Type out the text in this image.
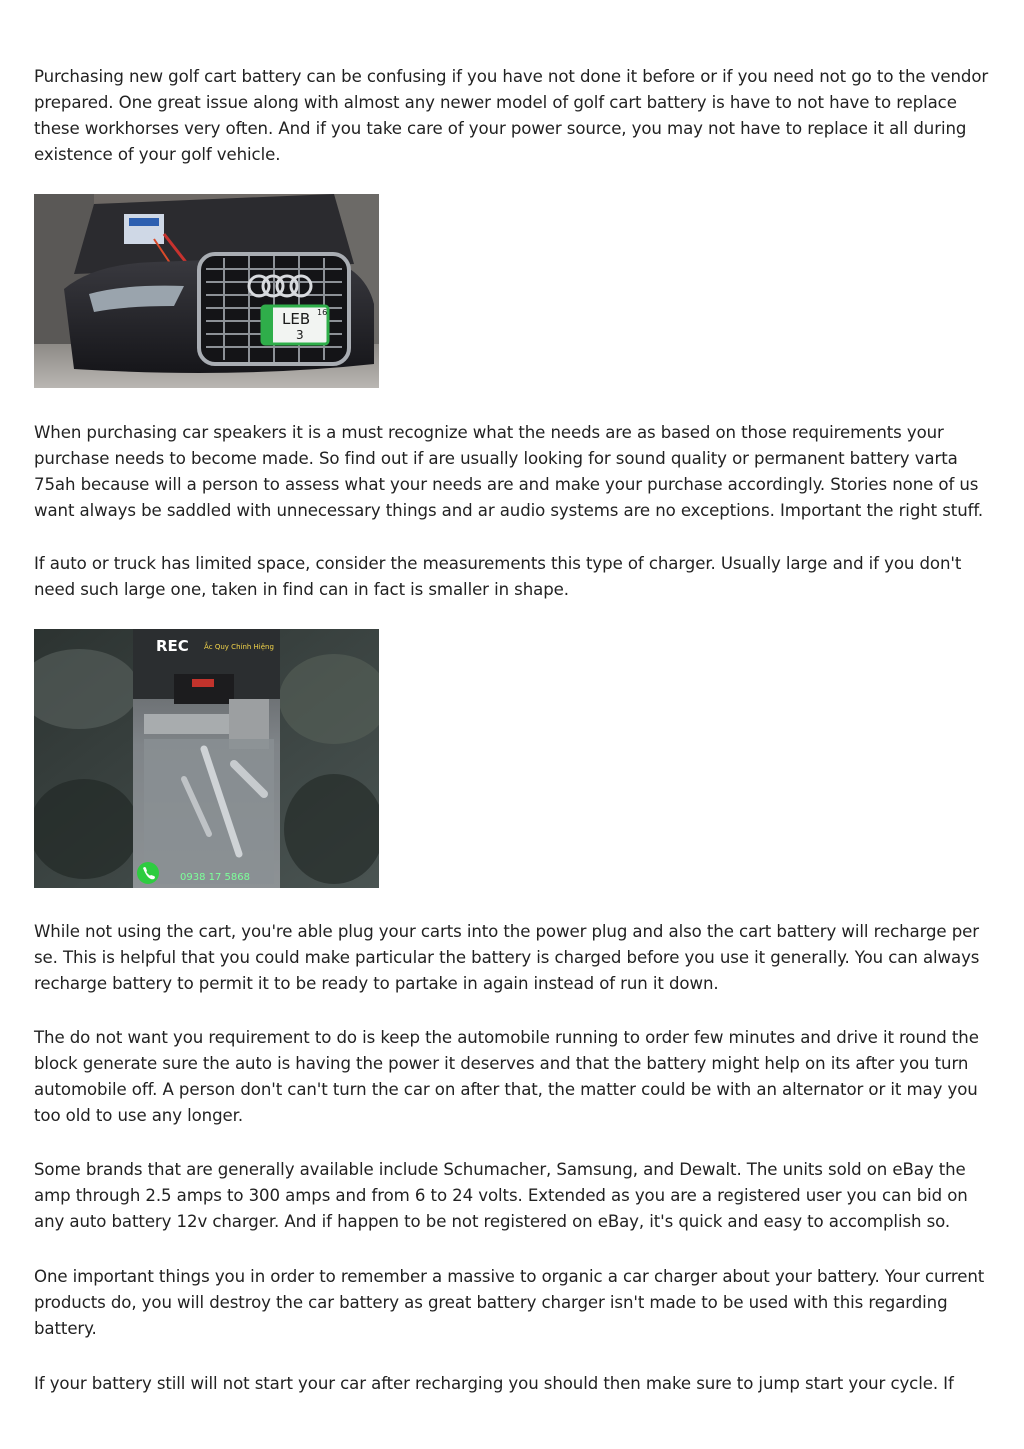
Purchasing new golf cart battery can be confusing if you have not done it before or if you need not go to the vendor prepared. One great issue along with almost any newer model of golf cart battery is have to not have to replace these workhorses very often. And if you take care of your power source, you may not have to replace it all during existence of your golf vehicle.

LEB 16
3

When purchasing car speakers it is a must recognize what the needs are as based on those requirements your purchase needs to become made. So find out if are usually looking for sound quality or permanent battery varta 75ah because will a person to assess what your needs are and make your purchase accordingly. Stories none of us want always be saddled with unnecessary things and ar audio systems are no exceptions. Important the right stuff.

If auto or truck has limited space, consider the measurements this type of charger. Usually large and if you don't need such large one, taken in find can in fact is smaller in shape.

REC Ắc Quy Chính Hiệng
0938 17 5868

While not using the cart, you're able plug your carts into the power plug and also the cart battery will recharge per se. This is helpful that you could make particular the battery is charged before you use it generally. You can always recharge battery to permit it to be ready to partake in again instead of run it down.

The do not want you requirement to do is keep the automobile running to order few minutes and drive it round the block generate sure the auto is having the power it deserves and that the battery might help on its after you turn automobile off. A person don't can't turn the car on after that, the matter could be with an alternator or it may you too old to use any longer.

Some brands that are generally available include Schumacher, Samsung, and Dewalt. The units sold on eBay the amp through 2.5 amps to 300 amps and from 6 to 24 volts. Extended as you are a registered user you can bid on any auto battery 12v charger. And if happen to be not registered on eBay, it's quick and easy to accomplish so.

One important things you in order to remember a massive to organic a car charger about your battery. Your current products do, you will destroy the car battery as great battery charger isn't made to be used with this regarding battery.

If your battery still will not start your car after recharging you should then make sure to jump start your cycle. If
